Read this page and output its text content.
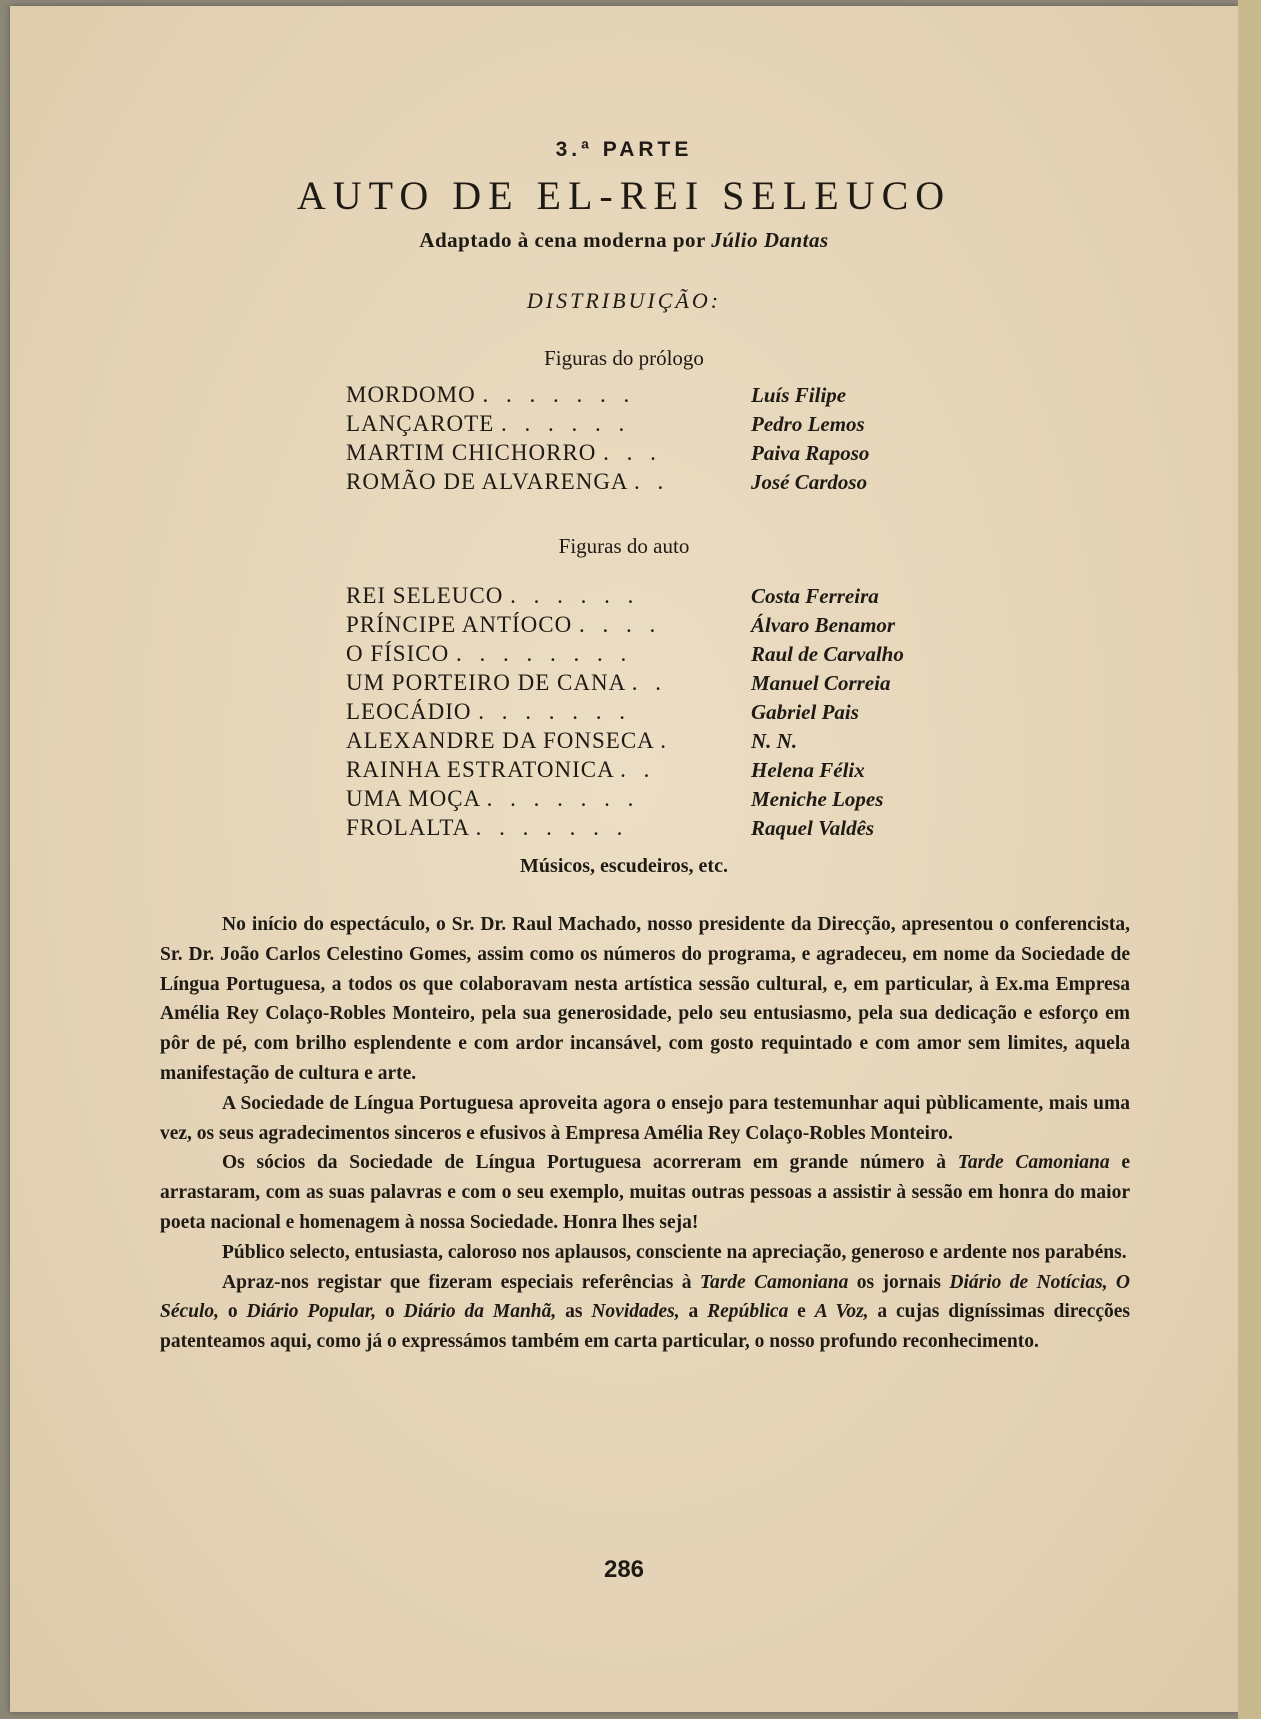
3.ª PARTE
AUTO DE EL-REI SELEUCO
Adaptado à cena moderna por Júlio Dantas
DISTRIBUIÇÃO:
Figuras do prólogo
MORDOMO . . . . . . .	Luís Filipe
LANÇAROTE . . . . . .	Pedro Lemos
MARTIM CHICHORRO . . .	Paiva Raposo
ROMÃO DE ALVARENGA . .	José Cardoso
Figuras do auto
REI SELEUCO . . . . . .	Costa Ferreira
PRÍNCIPE ANTÍOCO . . . .	Álvaro Benamor
O FÍSICO . . . . . . . .	Raul de Carvalho
UM PORTEIRO DE CANA . .	Manuel Correia
LEOCÁDIO . . . . . . .	Gabriel Pais
ALEXANDRE DA FONSECA .	N. N.
RAINHA ESTRATONICA . .	Helena Félix
UMA MOÇA . . . . . . .	Meniche Lopes
FROLALTA . . . . . . .	Raquel Valdês
Músicos, escudeiros, etc.

No início do espectáculo, o Sr. Dr. Raul Machado, nosso presidente da Direcção, apresentou o conferencista, Sr. Dr. João Carlos Celestino Gomes, assim como os números do programa, e agradeceu, em nome da Sociedade de Língua Portuguesa, a todos os que colaboravam nesta artística sessão cultural, e, em particular, à Ex.ma Empresa Amélia Rey Colaço-Robles Monteiro, pela sua generosidade, pelo seu entusiasmo, pela sua dedicação e esforço em pôr de pé, com brilho esplendente e com ardor incansável, com gosto requintado e com amor sem limites, aquela manifestação de cultura e arte.

A Sociedade de Língua Portuguesa aproveita agora o ensejo para testemunhar aqui pùblicamente, mais uma vez, os seus agradecimentos sinceros e efusivos à Empresa Amélia Rey Colaço-Robles Monteiro.

Os sócios da Sociedade de Língua Portuguesa acorreram em grande número à Tarde Camoniana e arrastaram, com as suas palavras e com o seu exemplo, muitas outras pessoas a assistir à sessão em honra do maior poeta nacional e homenagem à nossa Sociedade. Honra lhes seja!

Público selecto, entusiasta, caloroso nos aplausos, consciente na apreciação, generoso e ardente nos parabéns.

Apraz-nos registar que fizeram especiais referências à Tarde Camoniana os jornais Diário de Notícias, O Século, o Diário Popular, o Diário da Manhã, as Novidades, a República e A Voz, a cujas digníssimas direcções patenteamos aqui, como já o expressámos também em carta particular, o nosso profundo reconhecimento.

286
